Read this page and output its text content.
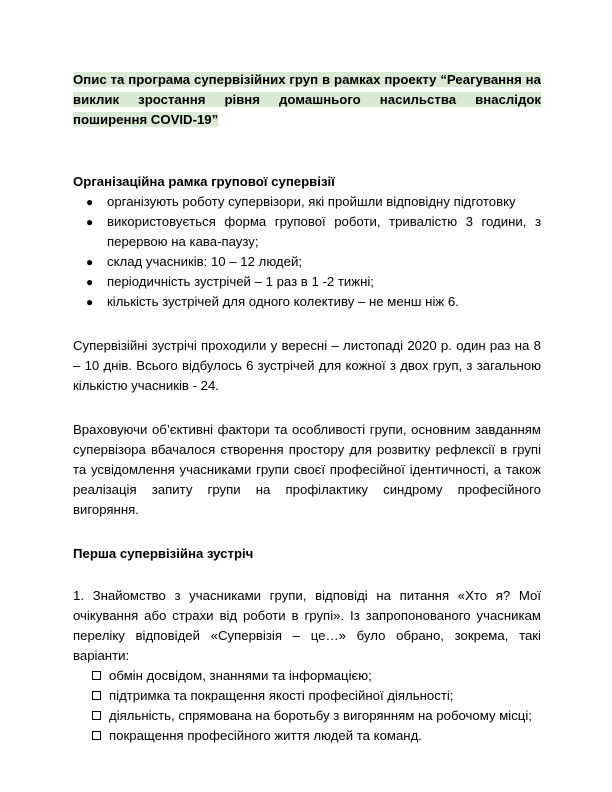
Опис та програма супервізійних груп в рамках проекту “Реагування на виклик зростання рівня домашнього насильства внаслідок поширення COVID-19”

Організаційна рамка групової супервізії
● організують роботу супервізори, які пройшли відповідну підготовку
● використовується форма групової роботи, тривалістю 3 години, з перервою на кава-паузу;
● склад учасників: 10 – 12 людей;
● періодичність зустрічей – 1 раз в 1 -2 тижні;
● кількість зустрічей для одного колективу – не менш ніж 6.

Супервізійні зустрічі проходили у вересні – листопаді 2020 р. один раз на 8 – 10 днів. Всього відбулось 6 зустрічей для кожної з двох груп, з загальною кількістю учасників - 24.

Враховуючи об’єктивні фактори та особливості групи, основним завданням супервізора вбачалося створення простору для розвитку рефлексії в групі та усвідомлення учасниками групи своєї професійної ідентичності, а також реалізація запиту групи на профілактику синдрому професійного вигоряння.

Перша супервізійна зустріч

1. Знайомство з учасниками групи, відповіді на питання «Хто я? Мої очікування або страхи від роботи в групі». Із запропонованого учасникам переліку відповідей «Супервізія – це…» було обрано, зокрема, такі варіанти:

обмін досвідом, знаннями та інформацією;
підтримка та покращення якості професійної діяльності;
діяльність, спрямована на боротьбу з вигорянням на робочому місці;
покращення професійного життя людей та команд.
